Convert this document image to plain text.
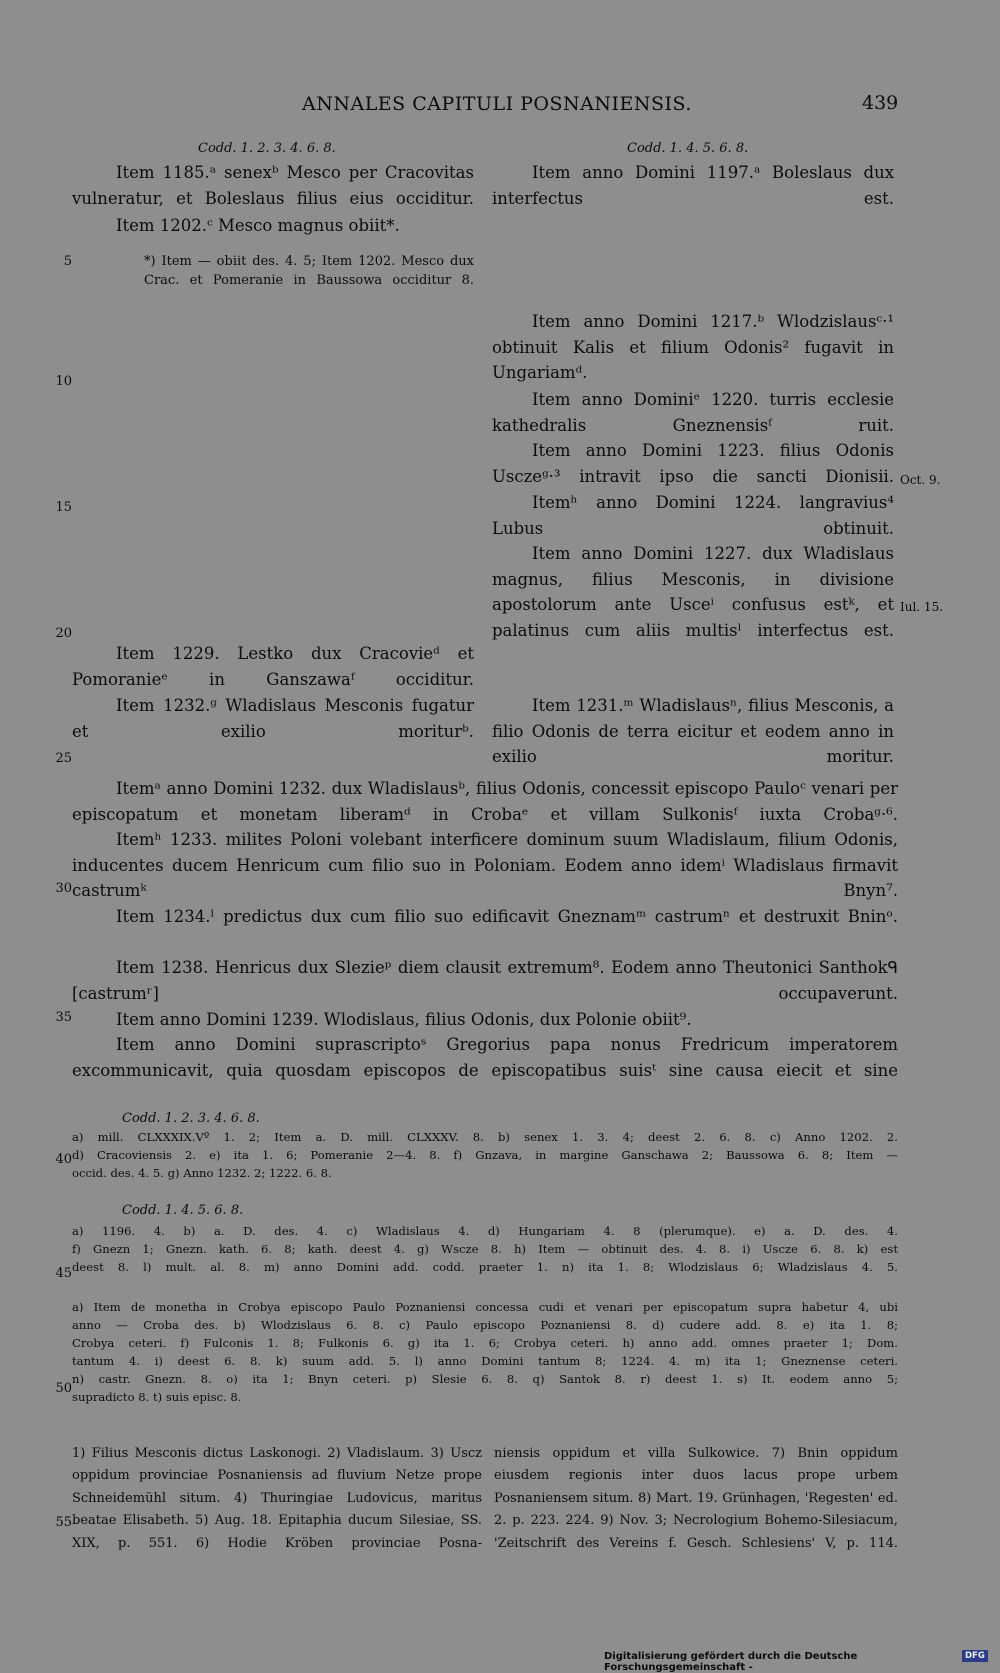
ANNALES CAPITULI POSNANIENSIS.	439
5
10
15
20
25
30
35
40
45
50
55
Oct. 9.
Iul. 15.
Codd. 1. 2. 3. 4. 6. 8.

Item 1185.ᵃ senexᵇ Mesco per Cracovitas vulneratur, et Boleslaus filius eius occiditur.

Item 1202.ᶜ Mesco magnus obiit*.

*) Item — obiit des. 4. 5; Item 1202. Mesco dux Crac. et Pomeranie in Baussowa occiditur 8.

Item 1229. Lestko dux Cracovieᵈ et Pomoranieᵉ in Ganszawaᶠ occiditur.

Item 1232.ᵍ Wladislaus Mesconis fugatur et exilio moriturᵇ.

Codd. 1. 4. 5. 6. 8.

Item anno Domini 1197.ᵃ Boleslaus dux interfectus est.

Item anno Domini 1217.ᵇ Wlodzislausᶜ·¹ obtinuit Kalis et filium Odonis² fugavit in Ungariamᵈ.

Item anno Dominiᵉ 1220. turris ecclesie kathedralis Gneznensisᶠ ruit.

Item anno Domini 1223. filius Odonis Usczeᵍ·³ intravit ipso die sancti Dionisii.

Itemʰ anno Domini 1224. langravius⁴ Lubus obtinuit.

Item anno Domini 1227. dux Wladislaus magnus, filius Mesconis, in divisione apostolorum ante Usceⁱ confusus estᵏ, et palatinus cum aliis multisˡ interfectus est.

Item 1231.ᵐ Wladislausⁿ, filius Mesconis, a filio Odonis de terra eicitur et eodem anno in exilio moritur.

Itemᵃ anno Domini 1232. dux Wladislausᵇ, filius Odonis, concessit episcopo Pauloᶜ venari per episcopatum et monetam liberamᵈ in Crobaᵉ et villam Sulkonisᶠ iuxta Crobaᵍ·⁶.

Itemʰ 1233. milites Poloni volebant interficere dominum suum Wladislaum, filium Odonis, inducentes ducem Henricum cum filio suo in Poloniam. Eodem anno idemⁱ Wladislaus firmavit castrumᵏ Bnyn⁷.

Item 1234.ˡ predictus dux cum filio suo edificavit Gneznamᵐ castrumⁿ et destruxit Bninᵒ.

Item 1238. Henricus dux Slezieᵖ diem clausit extremum⁸. Eodem anno Theutonici Santhokᑫ [castrumʳ] occupaverunt.

Item anno Domini 1239. Wlodislaus, filius Odonis, dux Polonie obiit⁹.

Item anno Domini suprascriptoˢ Gregorius papa nonus Fredricum imperatorem excommunicavit, quia quosdam episcopos de episcopatibus suisᵗ sine causa eiecit et sine

Codd. 1. 2. 3. 4. 6. 8.
a) mill. CLXXXIX.Vº 1. 2; Item a. D. mill. CLXXXV. 8. b) senex 1. 3. 4; deest 2. 6. 8. c) Anno 1202. 2.
d) Cracoviensis 2. e) ita 1. 6; Pomeranie 2—4. 8. f) Gnzava, in margine Ganschawa 2; Baussowa 6. 8; Item —
occid. des. 4. 5. g) Anno 1232. 2; 1222. 6. 8.
Codd. 1. 4. 5. 6. 8.
a) 1196. 4. b) a. D. des. 4. c) Wladislaus 4. d) Hungariam 4. 8 (plerumque). e) a. D. des. 4.
f) Gnezn 1; Gnezn. kath. 6. 8; kath. deest 4. g) Wscze 8. h) Item — obtinuit des. 4. 8. i) Uscze 6. 8. k) est
deest 8. l) mult. al. 8. m) anno Domini add. codd. praeter 1. n) ita 1. 8; Wlodzislaus 6; Wladzislaus 4. 5.
a) Item de monetha in Crobya episcopo Paulo Poznaniensi concessa cudi et venari per episcopatum supra habetur 4, ubi
anno — Croba des. b) Wlodzislaus 6. 8. c) Paulo episcopo Poznaniensi 8. d) cudere add. 8. e) ita 1. 8;
Crobya ceteri. f) Fulconis 1. 8; Fulkonis 6. g) ita 1. 6; Crobya ceteri. h) anno add. omnes praeter 1; Dom.
tantum 4. i) deest 6. 8. k) suum add. 5. l) anno Domini tantum 8; 1224. 4. m) ita 1; Gneznense ceteri.
n) castr. Gnezn. 8. o) ita 1; Bnyn ceteri. p) Slesie 6. 8. q) Santok 8. r) deest 1. s) It. eodem anno 5;
supradicto 8. t) suis episc. 8.

1) Filius Mesconis dictus Laskonogi. 2) Vladislaum. 3) Uscz oppidum provinciae Posnaniensis ad fluvium Netze prope Schneidemühl situm. 4) Thuringiae Ludovicus, maritus beatae Elisabeth. 5) Aug. 18. Epitaphia ducum Silesiae, SS. XIX, p. 551. 6) Hodie Kröben provinciae Posna-

niensis oppidum et villa Sulkowice. 7) Bnin oppidum eiusdem regionis inter duos lacus prope urbem Posnaniensem situm. 8) Mart. 19. Grünhagen, 'Regesten' ed. 2. p. 223. 224. 9) Nov. 3; Necrologium Bohemo-Silesiacum, 'Zeitschrift des Vereins f. Gesch. Schlesiens' V, p. 114.

Digitalisierung gefördert durch die Deutsche Forschungsgemeinschaft -
DFG
